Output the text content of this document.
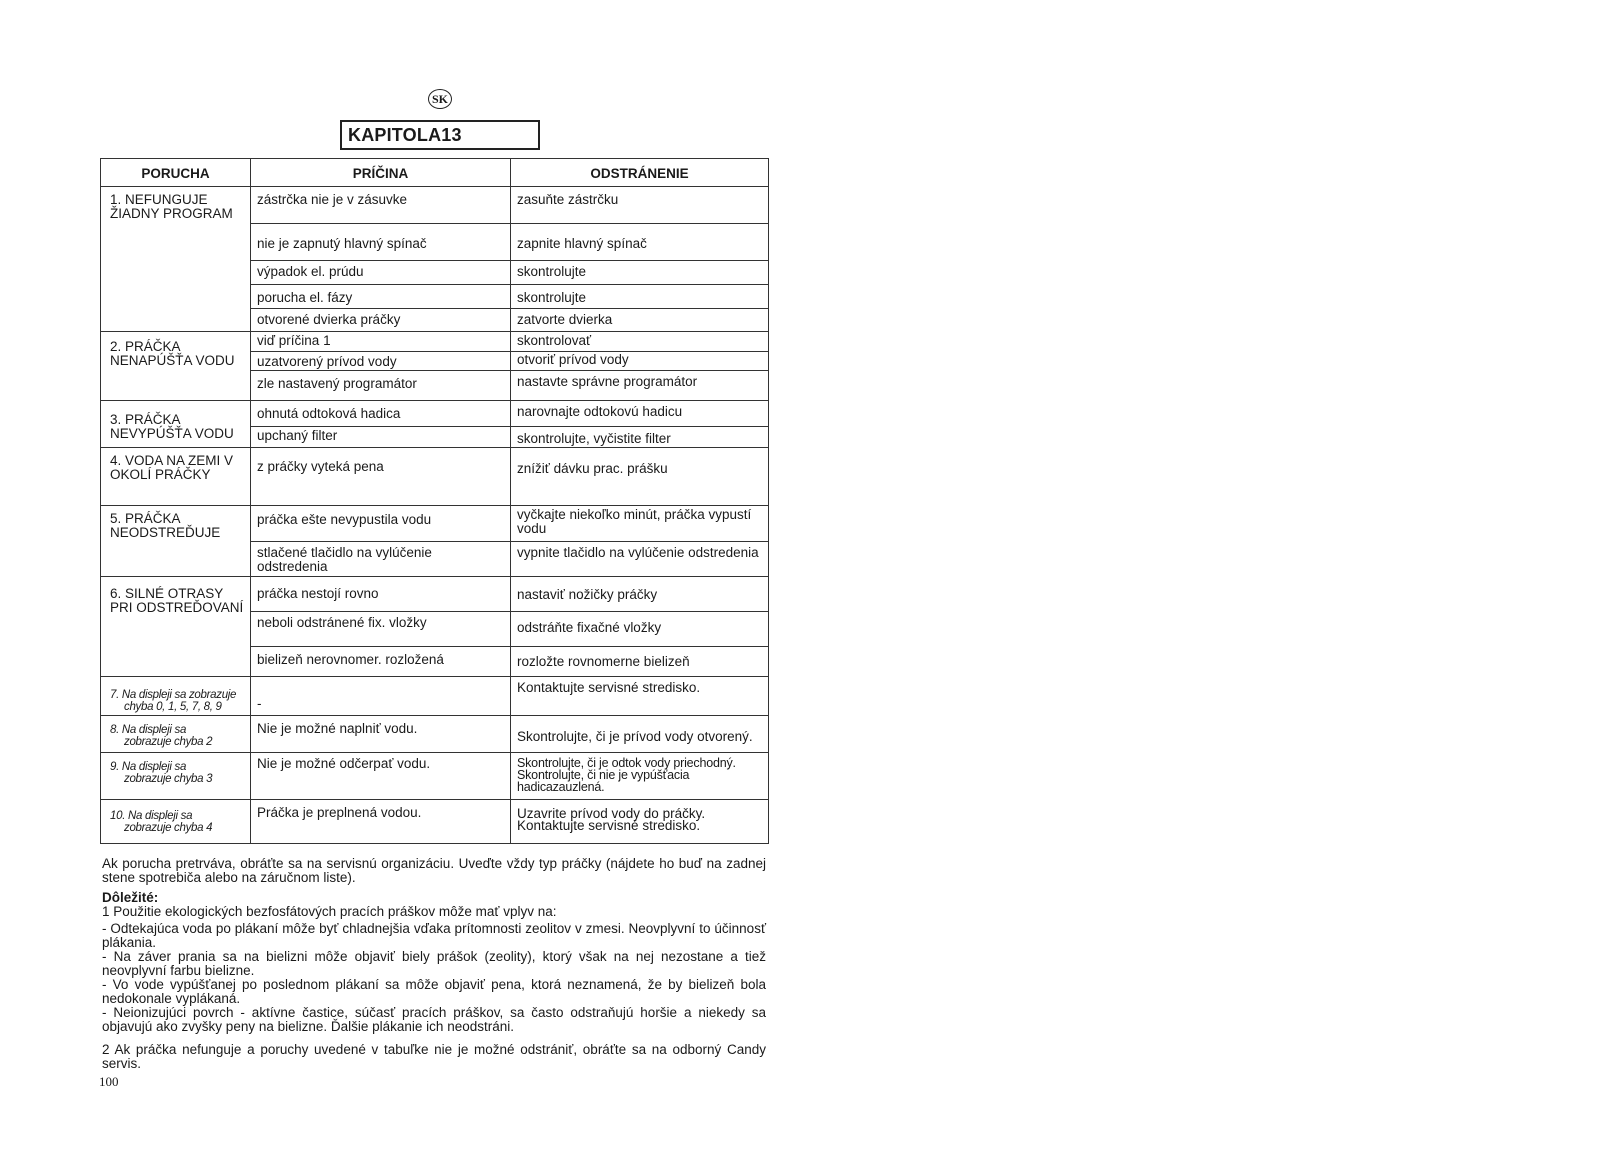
SK
KAPITOLA13
PORUCHA	PRÍČINA	ODSTRÁNENIE
1. NEFUNGUJE ŽIADNY PROGRAM	zástrčka nie je v zásuvke	zasuňte zástrčku
	nie je zapnutý hlavný spínač	zapnite hlavný spínač
	výpadok el. prúdu	skontrolujte
	porucha el. fázy	skontrolujte
	otvorené dvierka práčky	zatvorte dvierka
2. PRÁČKA NENAPÚŠŤA VODU	viď príčina 1	skontrolovať
	uzatvorený prívod vody	otvoriť prívod vody
	zle nastavený programátor	nastavte správne programátor
3. PRÁČKA NEVYPÚŠŤA VODU	ohnutá odtoková hadica	narovnajte odtokovú hadicu
	upchaný filter	skontrolujte, vyčistite filter
4. VODA NA ZEMI V OKOLÍ PRÁČKY	z práčky vyteká pena	znížiť dávku prac. prášku
5. PRÁČKA NEODSTREĎUJE	práčka ešte nevypustila vodu	vyčkajte niekoľko minút, práčka vypustí vodu
	stlačené tlačidlo na vylúčenie odstredenia	vypnite tlačidlo na vylúčenie odstredenia
6. SILNÉ OTRASY PRI ODSTREĎOVANÍ	práčka nestojí rovno	nastaviť nožičky práčky
	neboli odstránené fix. vložky	odstráňte fixačné vložky
	bielizeň nerovnomer. rozložená	rozložte rovnomerne bielizeň
7. Na displeji sa zobrazuje
chyba 0, 1, 5, 7, 8, 9	-	Kontaktujte servisné stredisko.
8. Na displeji sa
zobrazuje chyba 2	Nie je možné naplniť vodu.	Skontrolujte, či je prívod vody otvorený.
9. Na displeji sa
zobrazuje chyba 3	Nie je možné odčerpať vodu.	Skontrolujte, či je odtok vody priechodný. Skontrolujte, či nie je vypúšťacia hadicazauzlená.
10. Na displeji sa
zobrazuje chyba 4	Práčka je preplnená vodou.	Uzavrite prívod vody do práčky. Kontaktujte servisné stredisko.

Ak porucha pretrváva, obráťte sa na servisnú organizáciu. Uveďte vždy typ práčky (nájdete ho buď na zadnej stene spotrebiča alebo na záručnom liste).

Dôležité:

1 Použitie ekologických bezfosfátových pracích práškov môže mať vplyv na:

- Odtekajúca voda po plákaní môže byť chladnejšia vďaka prítomnosti zeolitov v zmesi. Neovplyvní to účinnosť plákania.

- Na záver prania sa na bielizni môže objaviť biely prášok (zeolity), ktorý však na nej nezostane a tiež neovplyvní farbu bielizne.

- Vo vode vypúšťanej po poslednom plákaní sa môže objaviť pena, ktorá neznamená, že by bielizeň bola nedokonale vyplákaná.

- Neionizujúci povrch - aktívne častice, súčasť pracích práškov, sa často odstraňujú horšie a niekedy sa objavujú ako zvyšky peny na bielizne. Ďalšie plákanie ich neodstráni.

2 Ak práčka nefunguje a poruchy uvedené v tabuľke nie je možné odstrániť, obráťte sa na odborný Candy servis.

100
